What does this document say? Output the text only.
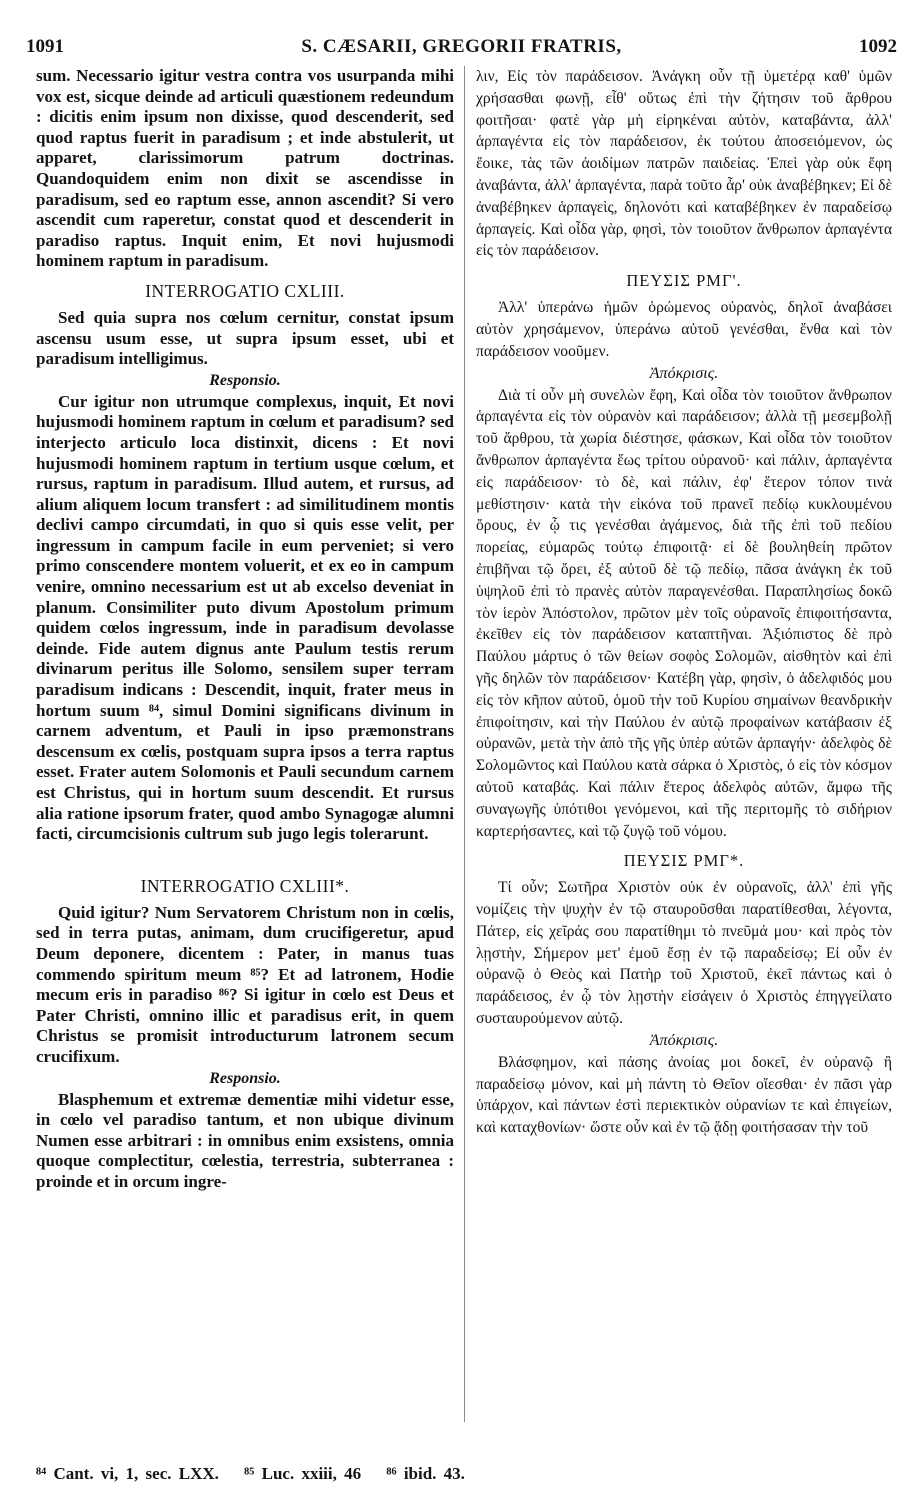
1091	S. CÆSARII, GREGORII FRATRIS,	1092

sum. Necessario igitur vestra contra vos usurpanda mihi vox est, sicque deinde ad articuli quæstionem redeundum : dicitis enim ipsum non dixisse, quod descenderit, sed quod raptus fuerit in paradisum ; et inde abstulerit, ut apparet, clarissimorum patrum doctrinas. Quandoquidem enim non dixit se ascendisse in paradisum, sed eo raptum esse, annon ascendit? Si vero ascendit cum raperetur, constat quod et descenderit in paradiso raptus. Inquit enim, Et novi hujusmodi hominem raptum in paradisum.

INTERROGATIO CXLIII.

Sed quia supra nos cœlum cernitur, constat ipsum ascensu usum esse, ut supra ipsum esset, ubi et paradisum intelligimus.

Responsio.

Cur igitur non utrumque complexus, inquit, Et novi hujusmodi hominem raptum in cœlum et paradisum? sed interjecto articulo loca distinxit, dicens : Et novi hujusmodi hominem raptum in tertium usque cœlum, et rursus, raptum in paradisum. Illud autem, et rursus, ad alium aliquem locum transfert : ad similitudinem montis declivi campo circumdati, in quo si quis esse velit, per ingressum in campum facile in eum perveniet; si vero primo conscendere montem voluerit, et ex eo in campum venire, omnino necessarium est ut ab excelso deveniat in planum. Consimiliter puto divum Apostolum primum quidem cœlos ingressum, inde in paradisum devolasse deinde. Fide autem dignus ante Paulum testis rerum divinarum peritus ille Solomo, sensilem super terram paradisum indicans : Descendit, inquit, frater meus in hortum suum ⁸⁴, simul Domini significans divinum in carnem adventum, et Pauli in ipso præmonstrans descensum ex cœlis, postquam supra ipsos a terra raptus esset. Frater autem Solomonis et Pauli secundum carnem est Christus, qui in hortum suum descendit. Et rursus alia ratione ipsorum frater, quod ambo Synagogæ alumni facti, circumcisionis cultrum sub jugo legis tolerarunt.

INTERROGATIO CXLIII*.

Quid igitur? Num Servatorem Christum non in cœlis, sed in terra putas, animam, dum crucifigeretur, apud Deum deponere, dicentem : Pater, in manus tuas commendo spiritum meum ⁸⁵? Et ad latronem, Hodie mecum eris in paradiso ⁸⁶? Si igitur in cœlo est Deus et Pater Christi, omnino illic et paradisus erit, in quem Christus se promisit introducturum latronem secum crucifixum.

Responsio.

Blasphemum et extremæ dementiæ mihi videtur esse, in cœlo vel paradiso tantum, et non ubique divinum Numen esse arbitrari : in omnibus enim exsistens, omnia quoque complectitur, cœlestia, terrestria, subterranea : proinde et in orcum ingre-

λιν, Εἰς τὸν παράδεισον. Ἀνάγκη οὖν τῇ ὑμετέρᾳ καθ' ὑμῶν χρήσασθαι φωνῇ, εἶθ' οὕτως ἐπὶ τὴν ζήτησιν τοῦ ἄρθρου φοιτῆσαι· φατὲ γὰρ μὴ εἰρηκέναι αὐτὸν, καταβάντα, ἀλλ' ἁρπαγέντα εἰς τὸν παράδεισον, ἐκ τούτου ἀποσειόμενον, ὡς ἔοικε, τὰς τῶν ἀοιδίμων πατρῶν παιδείας. Ἐπεὶ γὰρ οὐκ ἔφη ἀναβάντα, ἀλλ' ἁρπαγέντα, παρὰ τοῦτο ἆρ' οὐκ ἀναβέβηκεν; Εἰ δὲ ἀναβέβηκεν ἁρπαγεὶς, δηλονότι καὶ καταβέβηκεν ἐν παραδείσῳ ἁρπαγείς. Καὶ οἶδα γὰρ, φησὶ, τὸν τοιοῦτον ἄνθρωπον ἁρπαγέντα εἰς τὸν παράδεισον.

ΠΕΥΣΙΣ ΡΜΓ'.

Ἀλλ' ὑπεράνω ἡμῶν ὁρώμενος οὐρανὸς, δηλοῖ ἀναβάσει αὐτὸν χρησάμενον, ὑπεράνω αὐτοῦ γενέσθαι, ἔνθα καὶ τὸν παράδεισον νοοῦμεν.

Ἀπόκρισις.

Διὰ τί οὖν μὴ συνελὼν ἔφη, Καὶ οἶδα τὸν τοιοῦτον ἄνθρωπον ἁρπαγέντα εἰς τὸν οὐρανὸν καὶ παράδεισον; ἀλλὰ τῇ μεσεμβολῇ τοῦ ἄρθρου, τὰ χωρία διέστησε, φάσκων, Καὶ οἶδα τὸν τοιοῦτον ἄνθρωπον ἁρπαγέντα ἕως τρίτου οὐρανοῦ· καὶ πάλιν, ἁρπαγέντα εἰς παράδεισον· τὸ δὲ, καὶ πάλιν, ἐφ' ἕτερον τόπον τινὰ μεθίστησιν· κατὰ τὴν εἰκόνα τοῦ πρανεῖ πεδίῳ κυκλουμένου ὄρους, ἐν ᾧ τις γενέσθαι ἀγάμενος, διὰ τῆς ἐπὶ τοῦ πεδίου πορείας, εὐμαρῶς τούτῳ ἐπιφοιτᾷ· εἰ δὲ βουληθείη πρῶτον ἐπιβῆναι τῷ ὄρει, ἐξ αὐτοῦ δὲ τῷ πεδίῳ, πᾶσα ἀνάγκη ἐκ τοῦ ὑψηλοῦ ἐπὶ τὸ πρανὲς αὐτὸν παραγενέσθαι. Παραπλησίως δοκῶ τὸν ἱερὸν Ἀπόστολον, πρῶτον μὲν τοῖς οὐρανοῖς ἐπιφοιτήσαντα, ἐκεῖθεν εἰς τὸν παράδεισον καταπτῆναι. Ἀξιόπιστος δὲ πρὸ Παύλου μάρτυς ὁ τῶν θείων σοφὸς Σολομῶν, αἰσθητὸν καὶ ἐπὶ γῆς δηλῶν τὸν παράδεισον· Κατέβη γὰρ, φησὶν, ὁ ἀδελφιδός μου εἰς τὸν κῆπον αὐτοῦ, ὁμοῦ τὴν τοῦ Κυρίου σημαίνων θεανδρικὴν ἐπιφοίτησιν, καὶ τὴν Παύλου ἐν αὐτῷ προφαίνων κατάβασιν ἐξ οὐρανῶν, μετὰ τὴν ἀπὸ τῆς γῆς ὑπὲρ αὐτῶν ἁρπαγήν· ἀδελφὸς δὲ Σολομῶντος καὶ Παύλου κατὰ σάρκα ὁ Χριστὸς, ὁ εἰς τὸν κόσμον αὐτοῦ καταβάς. Καὶ πάλιν ἕτερος ἀδελφὸς αὐτῶν, ἄμφω τῆς συναγωγῆς ὑπότιθοι γενόμενοι, καὶ τῆς περιτομῆς τὸ σιδήριον καρτερήσαντες, καὶ τῷ ζυγῷ τοῦ νόμου.

ΠΕΥΣΙΣ ΡΜΓ*.

Τί οὖν; Σωτῆρα Χριστὸν οὐκ ἐν οὐρανοῖς, ἀλλ' ἐπὶ γῆς νομίζεις τὴν ψυχὴν ἐν τῷ σταυροῦσθαι παρατίθεσθαι, λέγοντα, Πάτερ, εἰς χεῖράς σου παρατίθημι τὸ πνεῦμά μου· καὶ πρὸς τὸν λῃστὴν, Σήμερον μετ' ἐμοῦ ἔσῃ ἐν τῷ παραδείσῳ; Εἰ οὖν ἐν οὐρανῷ ὁ Θεὸς καὶ Πατὴρ τοῦ Χριστοῦ, ἐκεῖ πάντως καὶ ὁ παράδεισος, ἐν ᾧ τὸν λῃστὴν εἰσάγειν ὁ Χριστὸς ἐπηγγείλατο συσταυρούμενον αὐτῷ.

Ἀπόκρισις.

Βλάσφημον, καὶ πάσης ἀνοίας μοι δοκεῖ, ἐν οὐρανῷ ἢ παραδείσῳ μόνον, καὶ μὴ πάντη τὸ Θεῖον οἴεσθαι· ἐν πᾶσι γὰρ ὑπάρχον, καὶ πάντων ἐστὶ περιεκτικὸν οὐρανίων τε καὶ ἐπιγείων, καὶ καταχθονίων· ὥστε οὖν καὶ ἐν τῷ ᾅδῃ φοιτήσασαν τὴν τοῦ

⁸⁴ Cant. vi, 1, sec. LXX. ⁸⁵ Luc. xxiii, 46 ⁸⁶ ibid. 43.
